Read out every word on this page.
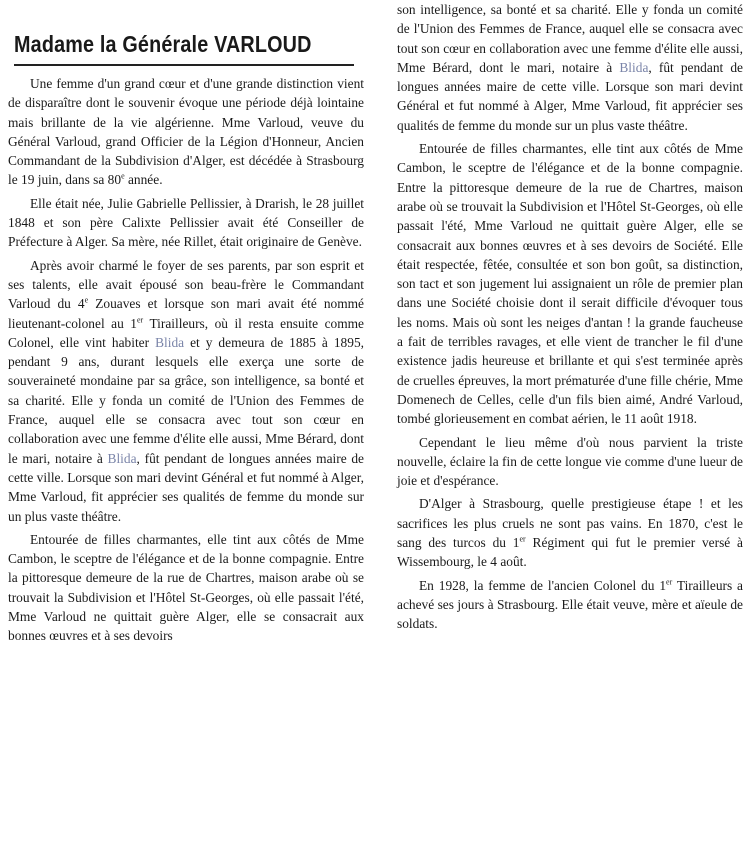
Madame la Générale VARLOUD

Une femme d'un grand cœur et d'une grande distinction vient de disparaître dont le souvenir évoque une période déjà lointaine mais brillante de la vie algérienne. Mme Varloud, veuve du Général Varloud, grand Officier de la Légion d'Honneur, Ancien Commandant de la Subdivision d'Alger, est décédée à Strasbourg le 19 juin, dans sa 80e année.

Elle était née, Julie Gabrielle Pellissier, à Drarish, le 28 juillet 1848 et son père Calixte Pellissier avait été Conseiller de Préfecture à Alger. Sa mère, née Rillet, était originaire de Genève.

Après avoir charmé le foyer de ses parents, par son esprit et ses talents, elle avait épousé son beau-frère le Commandant Varloud du 4e Zouaves et lorsque son mari avait été nommé lieutenant-colonel au 1er Tirailleurs, où il resta ensuite comme Colonel, elle vint habiter Blida et y demeura de 1885 à 1895, pendant 9 ans, durant lesquels elle exerça une sorte de souveraineté mondaine par sa grâce, son intelligence, sa bonté et sa charité. Elle y fonda un comité de l'Union des Femmes de France, auquel elle se consacra avec tout son cœur en collaboration avec une femme d'élite elle aussi, Mme Bérard, dont le mari, notaire à Blida, fût pendant de longues années maire de cette ville. Lorsque son mari devint Général et fut nommé à Alger, Mme Varloud, fit apprécier ses qualités de femme du monde sur un plus vaste théâtre.

Entourée de filles charmantes, elle tint aux côtés de Mme Cambon, le sceptre de l'élégance et de la bonne compagnie. Entre la pittoresque demeure de la rue de Chartres, maison arabe où se trouvait la Subdivision et l'Hôtel St-Georges, où elle passait l'été, Mme Varloud ne quittait guère Alger, elle se consacrait aux bonnes œuvres et à ses devoirs

son intelligence, sa bonté et sa charité. Elle y fonda un comité de l'Union des Femmes de France, auquel elle se consacra avec tout son cœur en collaboration avec une femme d'élite elle aussi, Mme Bérard, dont le mari, notaire à Blida, fût pendant de longues années maire de cette ville. Lorsque son mari devint Général et fut nommé à Alger, Mme Varloud, fit apprécier ses qualités de femme du monde sur un plus vaste théâtre.

Entourée de filles charmantes, elle tint aux côtés de Mme Cambon, le sceptre de l'élégance et de la bonne compagnie. Entre la pittoresque demeure de la rue de Chartres, maison arabe où se trouvait la Subdivision et l'Hôtel St-Georges, où elle passait l'été, Mme Varloud ne quittait guère Alger, elle se consacrait aux bonnes œuvres et à ses devoirs de Société. Elle était respectée, fêtée, consultée et son bon goût, sa distinction, son tact et son jugement lui assignaient un rôle de premier plan dans une Société choisie dont il serait difficile d'évoquer tous les noms. Mais où sont les neiges d'antan ! la grande faucheuse a fait de terribles ravages, et elle vient de trancher le fil d'une existence jadis heureuse et brillante et qui s'est terminée après de cruelles épreuves, la mort prématurée d'une fille chérie, Mme Domenech de Celles, celle d'un fils bien aimé, André Varloud, tombé glorieusement en combat aérien, le 11 août 1918.

Cependant le lieu même d'où nous parvient la triste nouvelle, éclaire la fin de cette longue vie comme d'une lueur de joie et d'espérance.

D'Alger à Strasbourg, quelle prestigieuse étape ! et les sacrifices les plus cruels ne sont pas vains. En 1870, c'est le sang des turcos du 1er Régiment qui fut le premier versé à Wissembourg, le 4 août.

En 1928, la femme de l'ancien Colonel du 1er Tirailleurs a achevé ses jours à Strasbourg. Elle était veuve, mère et aïeule de soldats.
